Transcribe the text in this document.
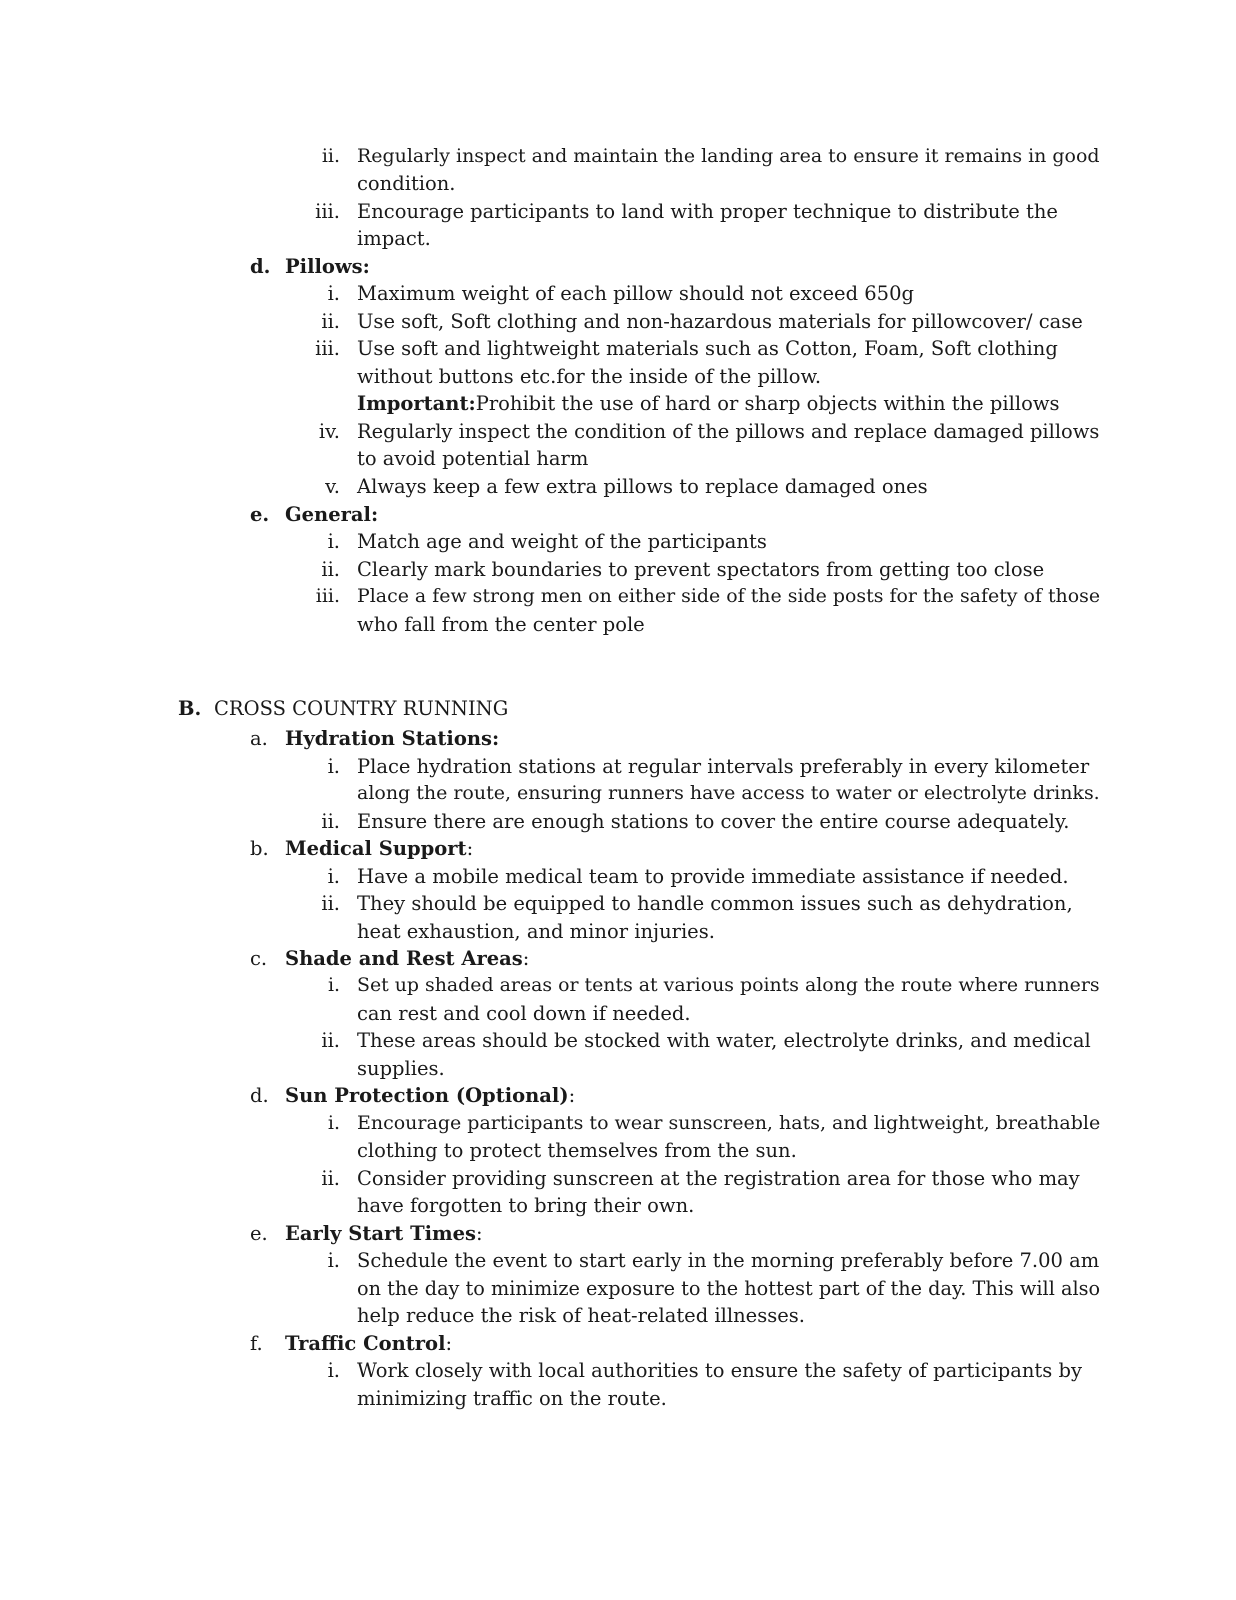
ii. Regularly inspect and maintain the landing area to ensure it remains in good
condition.
iii. Encourage participants to land with proper technique to distribute the
impact.
d. Pillows:
i. Maximum weight of each pillow should not exceed 650g
ii. Use soft, Soft clothing and non-hazardous materials for pillowcover/ case
iii. Use soft and lightweight materials such as Cotton, Foam, Soft clothing
without buttons etc.for the inside of the pillow.
Important:Prohibit the use of hard or sharp objects within the pillows
iv. Regularly inspect the condition of the pillows and replace damaged pillows
to avoid potential harm
v. Always keep a few extra pillows to replace damaged ones
e. General:
i. Match age and weight of the participants
ii. Clearly mark boundaries to prevent spectators from getting too close
iii. Place a few strong men on either side of the side posts for the safety of those
who fall from the center pole
B. CROSS COUNTRY RUNNING
a. Hydration Stations:
i. Place hydration stations at regular intervals preferably in every kilometer
along the route, ensuring runners have access to water or electrolyte drinks.
ii. Ensure there are enough stations to cover the entire course adequately.
b. Medical Support:
i. Have a mobile medical team to provide immediate assistance if needed.
ii. They should be equipped to handle common issues such as dehydration,
heat exhaustion, and minor injuries.
c. Shade and Rest Areas:
i. Set up shaded areas or tents at various points along the route where runners
can rest and cool down if needed.
ii. These areas should be stocked with water, electrolyte drinks, and medical
supplies.
d. Sun Protection (Optional):
i. Encourage participants to wear sunscreen, hats, and lightweight, breathable
clothing to protect themselves from the sun.
ii. Consider providing sunscreen at the registration area for those who may
have forgotten to bring their own.
e. Early Start Times:
i. Schedule the event to start early in the morning preferably before 7.00 am
on the day to minimize exposure to the hottest part of the day. This will also
help reduce the risk of heat-related illnesses.
f. Traffic Control:
i. Work closely with local authorities to ensure the safety of participants by
minimizing traffic on the route.
